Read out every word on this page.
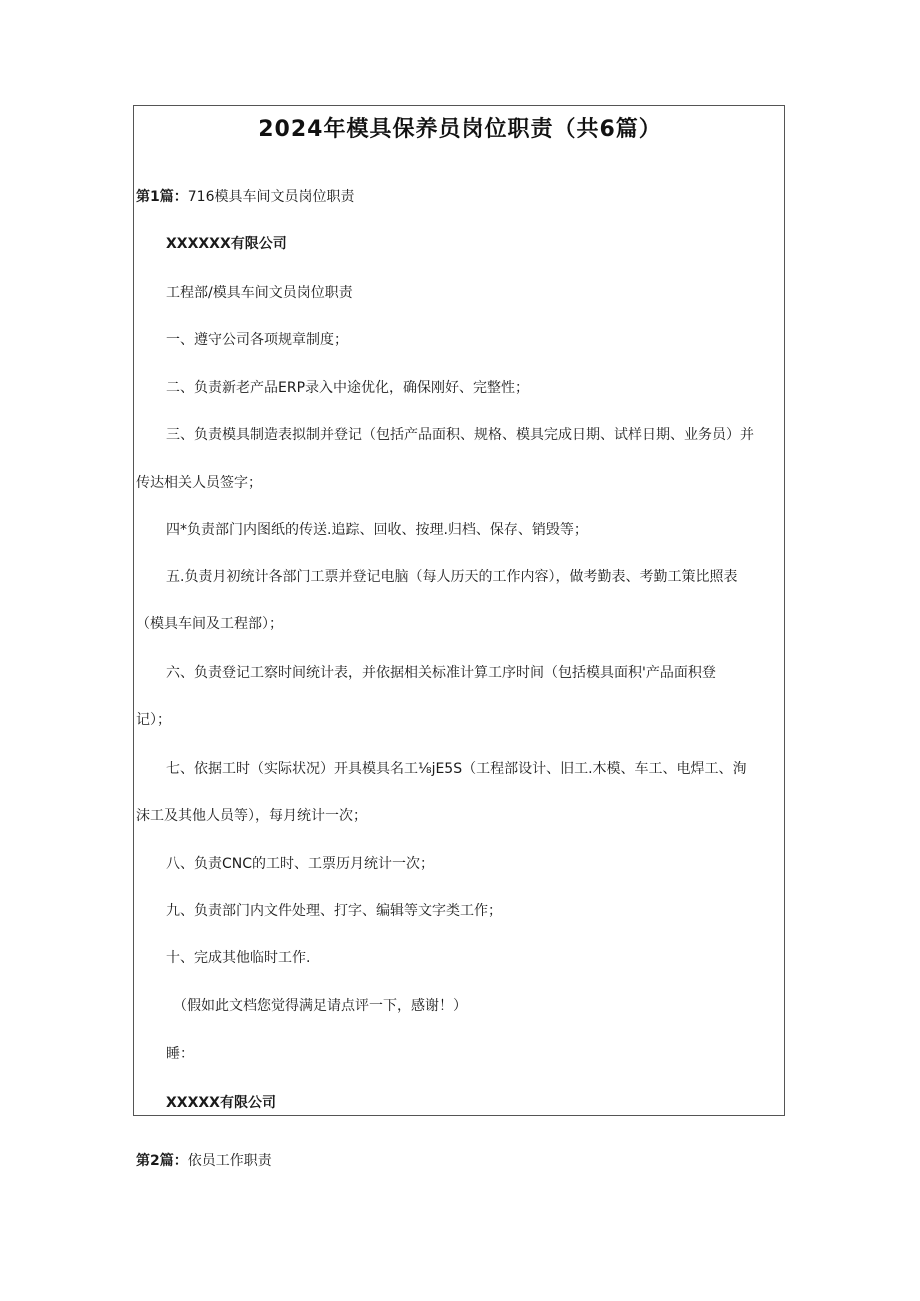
2024年模具保养员岗位职责（共6篇）
第1篇：716模具车间文员岗位职责
XXXXXX有限公司
工程部/模具车间文员岗位职责
一、遵守公司各项规章制度；
二、负责新老产品ERP录入中途优化，确保刚好、完整性；
三、负责模具制造表拟制并登记（包括产品面积、规格、模具完成日期、试样日期、业务员）并
传达相关人员签字；
四*负责部门内图纸的传送.追踪、回收、按理.归档、保存、销毁等；
五.负责月初统计各部门工票并登记电脑（每人历天的工作内容），做考勤表、考勤工策比照表
（模具车间及工程部）；
六、负责登记工察时间统计表，并依据相关标准计算工序时间（包括模具面积'产品面积登
记）；
七、依据工时（实际状况）开具模具名工⅛jE5S（工程部设计、旧工.木模、车工、电焊工、洵
沫工及其他人员等），每月统计一次；
八、负责CNC的工时、工票历月统计一次；
九、负责部门内文件处理、打字、编辑等文字类工作；
十、完成其他临时工作.
（假如此文档您觉得满足请点评一下，感谢！）
睡：
XXXXX有限公司
第2篇：依员工作职责
